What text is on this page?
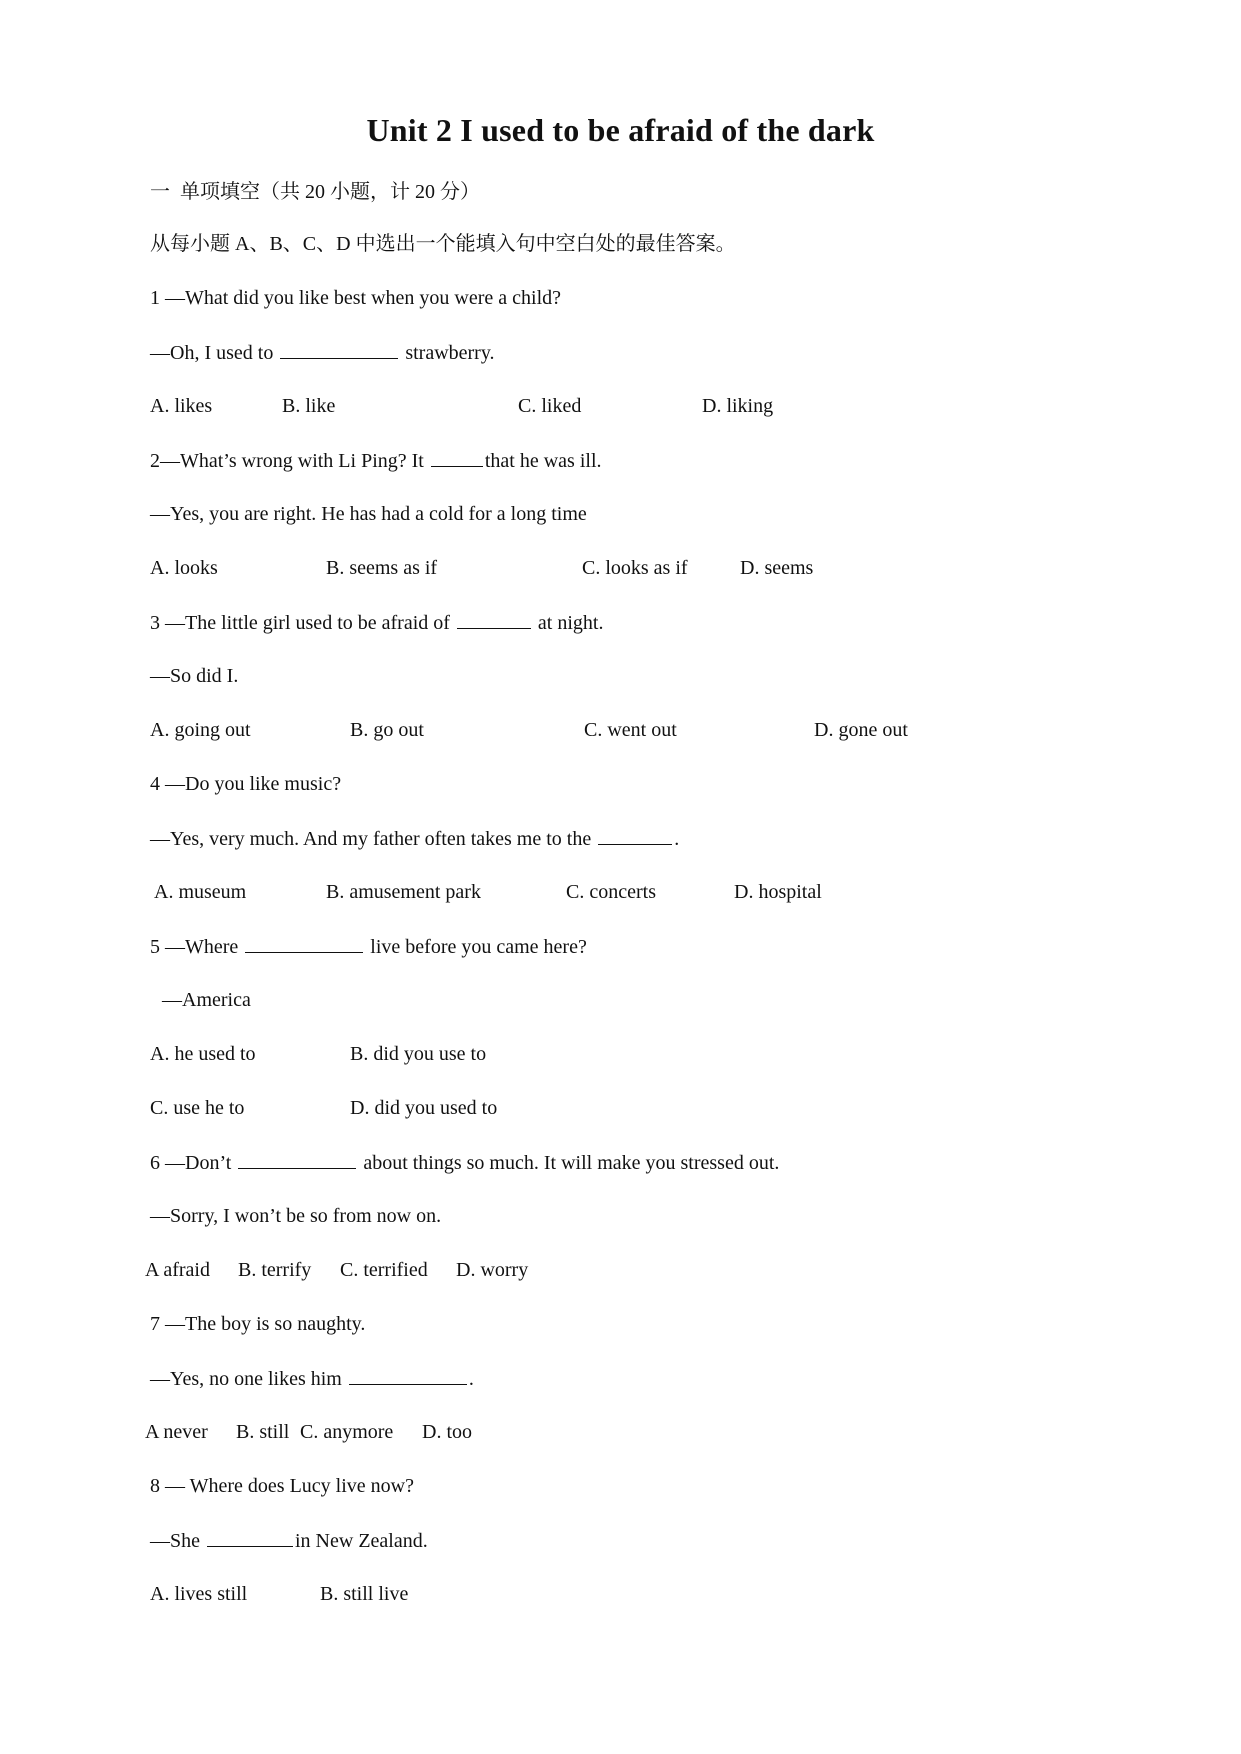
Unit 2 I used to be afraid of the dark
一  单项填空（共 20 小题，计 20 分）
从每小题 A、B、C、D 中选出一个能填入句中空白处的最佳答案。
1 —What did you like best when you were a child?
—Oh, I used to	strawberry.
A. likes	B. like	C. liked	D. liking
2—What’s wrong with Li Ping? It	that he was ill.
—Yes, you are right. He has had a cold for a long time
A. looks	B. seems as if	C. looks as if	D. seems
3 —The little girl used to be afraid of	at night.
—So did I.
A. going out	B. go out	C. went out	D. gone out
4 —Do you like music?
—Yes, very much. And my father often takes me to the	.
A. museum	B. amusement park	C. concerts	D. hospital
5 —Where	live before you came here?
—America
A. he used to	B. did you use to
C. use he to	D. did you used to
6 —Don’t	about things so much. It will make you stressed out.
—Sorry, I won’t be so from now on.
A afraid B. terrify C. terrified D. worry
7 —The boy is so naughty.
—Yes, no one likes him	.
A never B. still C. anymore D. too
8 — Where does Lucy live now?
—She	in New Zealand.
A. lives still	B. still live
